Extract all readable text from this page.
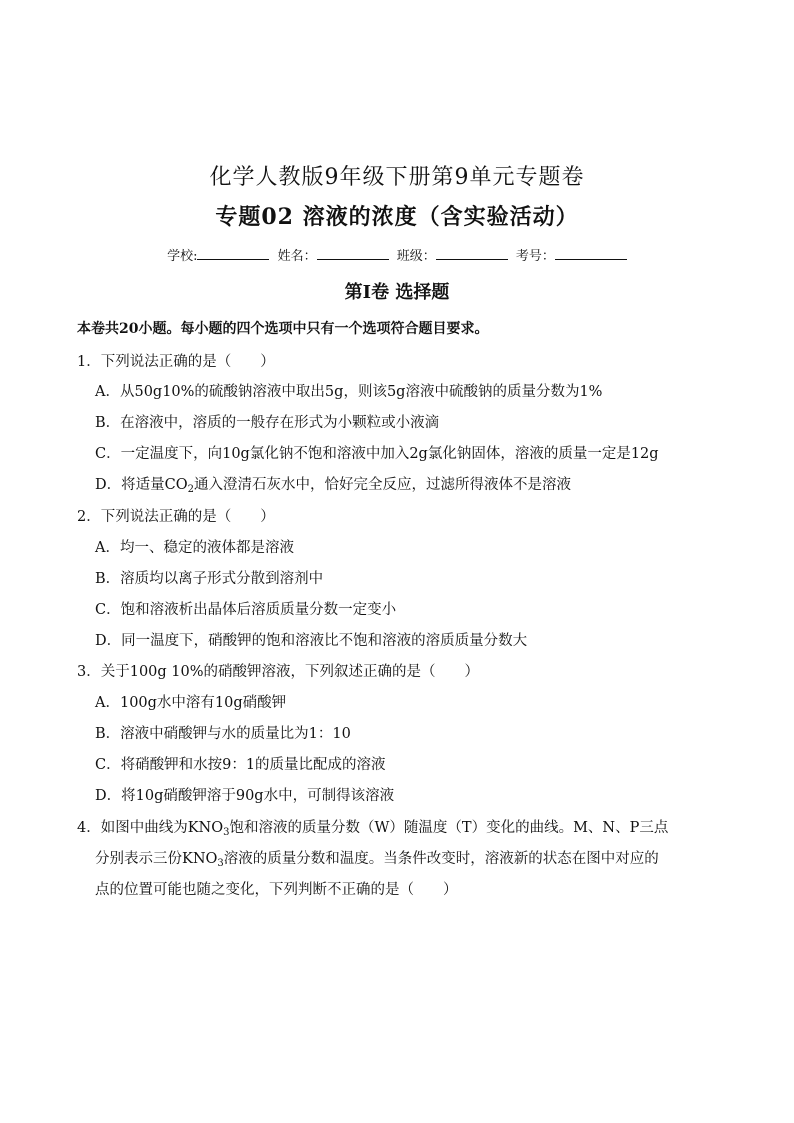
化学人教版9年级下册第9单元专题卷
专题02 溶液的浓度（含实验活动）
学校:	姓名：	班级：	考号：
第Ⅰ卷 选择题
本卷共20小题。每小题的四个选项中只有一个选项符合题目要求。
1．下列说法正确的是（　　）
A．从50g10%的硫酸钠溶液中取出5g，则该5g溶液中硫酸钠的质量分数为1%
B．在溶液中，溶质的一般存在形式为小颗粒或小液滴
C．一定温度下，向10g氯化钠不饱和溶液中加入2g氯化钠固体，溶液的质量一定是12g
D．将适量$CO_2$通入澄清石灰水中，恰好完全反应，过滤所得液体不是溶液
2．下列说法正确的是（　　）
A．均一、稳定的液体都是溶液
B．溶质均以离子形式分散到溶剂中
C．饱和溶液析出晶体后溶质质量分数一定变小
D．同一温度下，硝酸钾的饱和溶液比不饱和溶液的溶质质量分数大
3．关于100g 10%的硝酸钾溶液，下列叙述正确的是（　　）
A．100g水中溶有10g硝酸钾
B．溶液中硝酸钾与水的质量比为1：10
C．将硝酸钾和水按9：1的质量比配成的溶液
D．将10g硝酸钾溶于90g水中，可制得该溶液
4．如图中曲线为$KNO_3$饱和溶液的质量分数（W）随温度（T）变化的曲线。M、N、P三点
分别表示三份$KNO_3$溶液的质量分数和温度。当条件改变时，溶液新的状态在图中对应的
点的位置可能也随之变化，下列判断不正确的是（　　）
